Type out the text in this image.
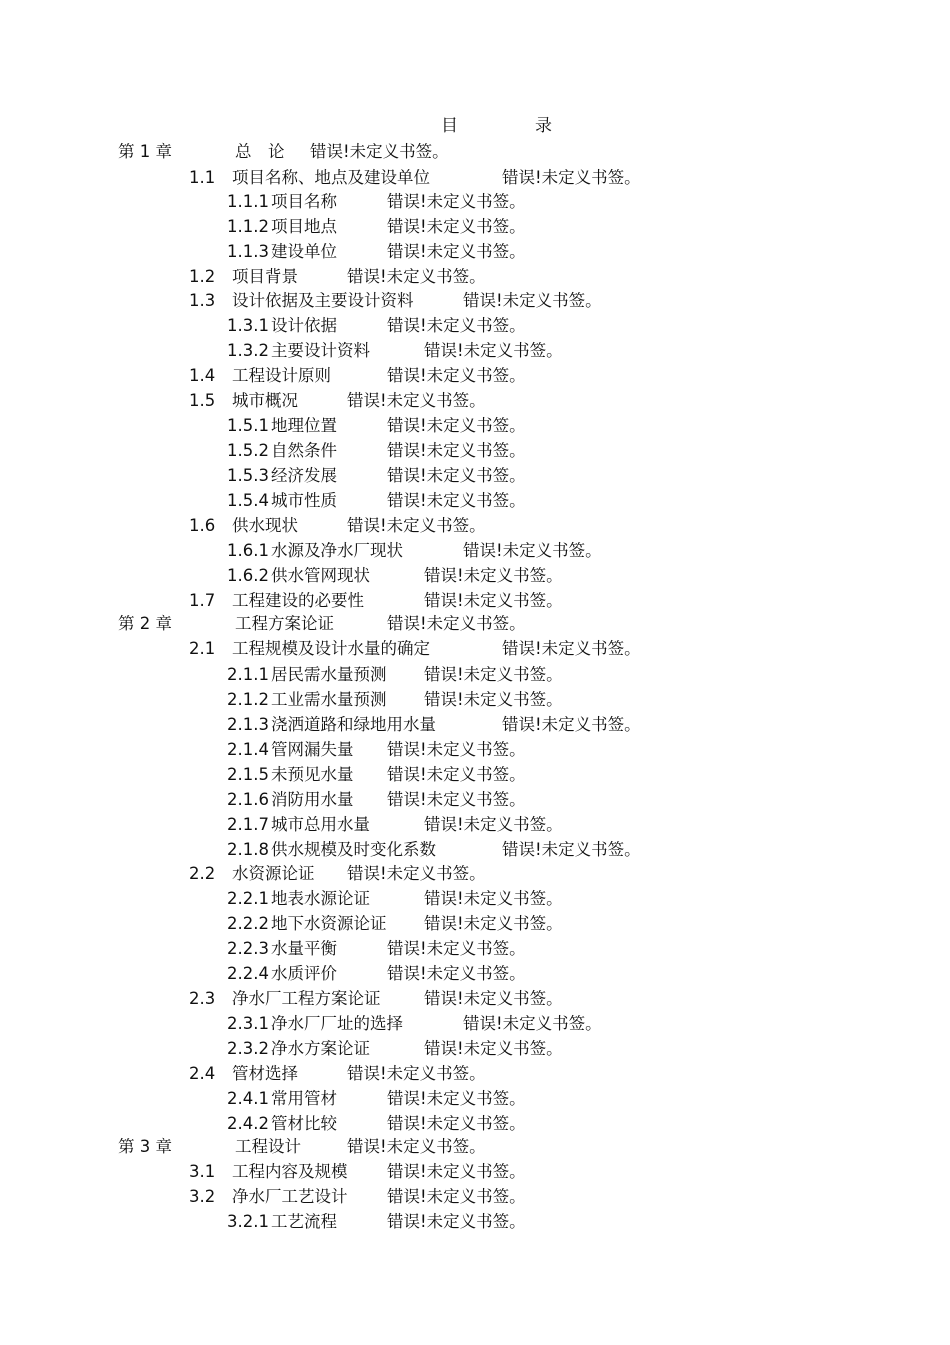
目　录
第 1 章	总　论 错误!未定义书签。
1.1 项目名称、地点及建设单位	错误!未定义书签。
1.1.1 项目名称	错误!未定义书签。
1.1.2 项目地点	错误!未定义书签。
1.1.3 建设单位	错误!未定义书签。
1.2 项目背景	错误!未定义书签。
1.3 设计依据及主要设计资料	错误!未定义书签。
1.3.1 设计依据	错误!未定义书签。
1.3.2 主要设计资料	错误!未定义书签。
1.4 工程设计原则	错误!未定义书签。
1.5 城市概况	错误!未定义书签。
1.5.1 地理位置	错误!未定义书签。
1.5.2 自然条件	错误!未定义书签。
1.5.3 经济发展	错误!未定义书签。
1.5.4 城市性质	错误!未定义书签。
1.6 供水现状	错误!未定义书签。
1.6.1 水源及净水厂现状	错误!未定义书签。
1.6.2 供水管网现状	错误!未定义书签。
1.7 工程建设的必要性	错误!未定义书签。
第 2 章	工程方案论证	错误!未定义书签。
2.1 工程规模及设计水量的确定	错误!未定义书签。
2.1.1 居民需水量预测 错误!未定义书签。
2.1.2 工业需水量预测 错误!未定义书签。
2.1.3 浇洒道路和绿地用水量	错误!未定义书签。
2.1.4 管网漏失量 错误!未定义书签。
2.1.5 未预见水量 错误!未定义书签。
2.1.6 消防用水量 错误!未定义书签。
2.1.7 城市总用水量	错误!未定义书签。
2.1.8 供水规模及时变化系数	错误!未定义书签。
2.2 水资源论证 错误!未定义书签。
2.2.1 地表水源论证	错误!未定义书签。
2.2.2 地下水资源论证 错误!未定义书签。
2.2.3 水量平衡	错误!未定义书签。
2.2.4 水质评价	错误!未定义书签。
2.3 净水厂工程方案论证	错误!未定义书签。
2.3.1 净水厂厂址的选择	错误!未定义书签。
2.3.2 净水方案论证	错误!未定义书签。
2.4 管材选择	错误!未定义书签。
2.4.1 常用管材	错误!未定义书签。
2.4.2 管材比较	错误!未定义书签。
第 3 章	工程设计	错误!未定义书签。
3.1 工程内容及规模 错误!未定义书签。
3.2 净水厂工艺设计 错误!未定义书签。
3.2.1 工艺流程	错误!未定义书签。
